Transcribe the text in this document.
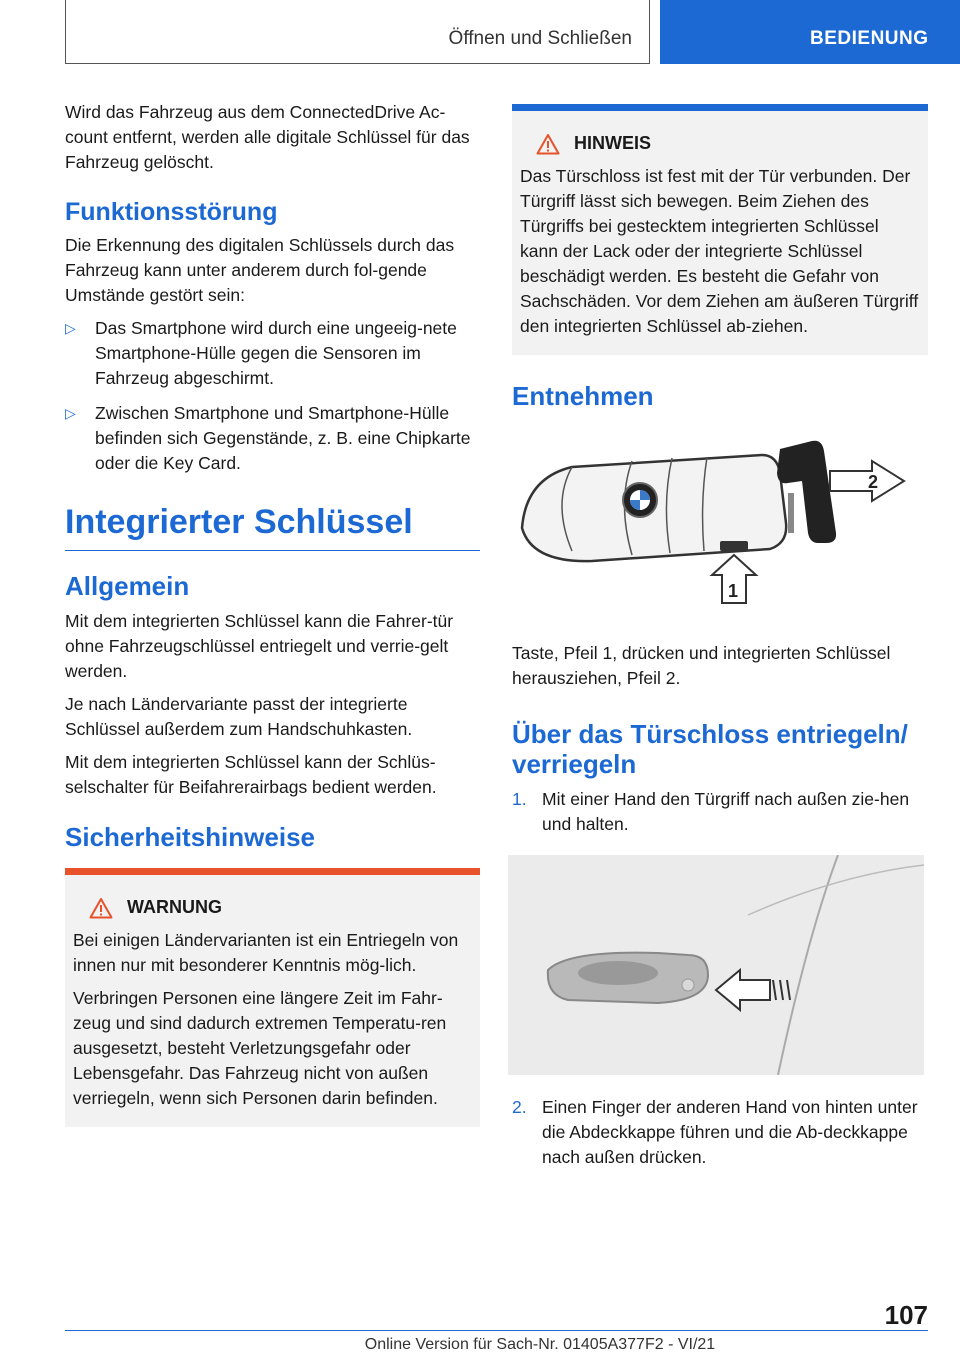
Öffnen und Schließen	BEDIENUNG

Wird das Fahrzeug aus dem ConnectedDrive Ac-count entfernt, werden alle digitale Schlüssel für das Fahrzeug gelöscht.

Funktionsstörung

Die Erkennung des digitalen Schlüssels durch das Fahrzeug kann unter anderem durch fol-gende Umstände gestört sein:

▷ Das Smartphone wird durch eine ungeeig-nete Smartphone-Hülle gegen die Sensoren im Fahrzeug abgeschirmt.
▷ Zwischen Smartphone und Smartphone-Hülle befinden sich Gegenstände, z. B. eine Chipkarte oder die Key Card.
Integrierter Schlüssel
Allgemein

Mit dem integrierten Schlüssel kann die Fahrer-tür ohne Fahrzeugschlüssel entriegelt und verrie-gelt werden.

Je nach Ländervariante passt der integrierte Schlüssel außerdem zum Handschuhkasten.

Mit dem integrierten Schlüssel kann der Schlüs-selschalter für Beifahrerairbags bedient werden.

Sicherheitshinweise
WARNUNG

Bei einigen Ländervarianten ist ein Entriegeln von innen nur mit besonderer Kenntnis mög-lich.

Verbringen Personen eine längere Zeit im Fahr-zeug und sind dadurch extremen Temperatu-ren ausgesetzt, besteht Verletzungsgefahr oder Lebensgefahr. Das Fahrzeug nicht von außen verriegeln, wenn sich Personen darin befinden.

HINWEIS

Das Türschloss ist fest mit der Tür verbunden. Der Türgriff lässt sich bewegen. Beim Ziehen des Türgriffs bei gestecktem integrierten Schlüssel kann der Lack oder der integrierte Schlüssel beschädigt werden. Es besteht die Gefahr von Sachschäden. Vor dem Ziehen am äußeren Türgriff den integrierten Schlüssel ab-ziehen.

Entnehmen
2
1

Taste, Pfeil 1, drücken und integrierten Schlüssel herausziehen, Pfeil 2.

Über das Türschloss entriegeln/ verriegeln
1. Mit einer Hand den Türgriff nach außen zie-hen und halten.
2. Einen Finger der anderen Hand von hinten unter die Abdeckkappe führen und die Ab-deckkappe nach außen drücken.
107
Online Version für Sach-Nr. 01405A377F2 - VI/21
